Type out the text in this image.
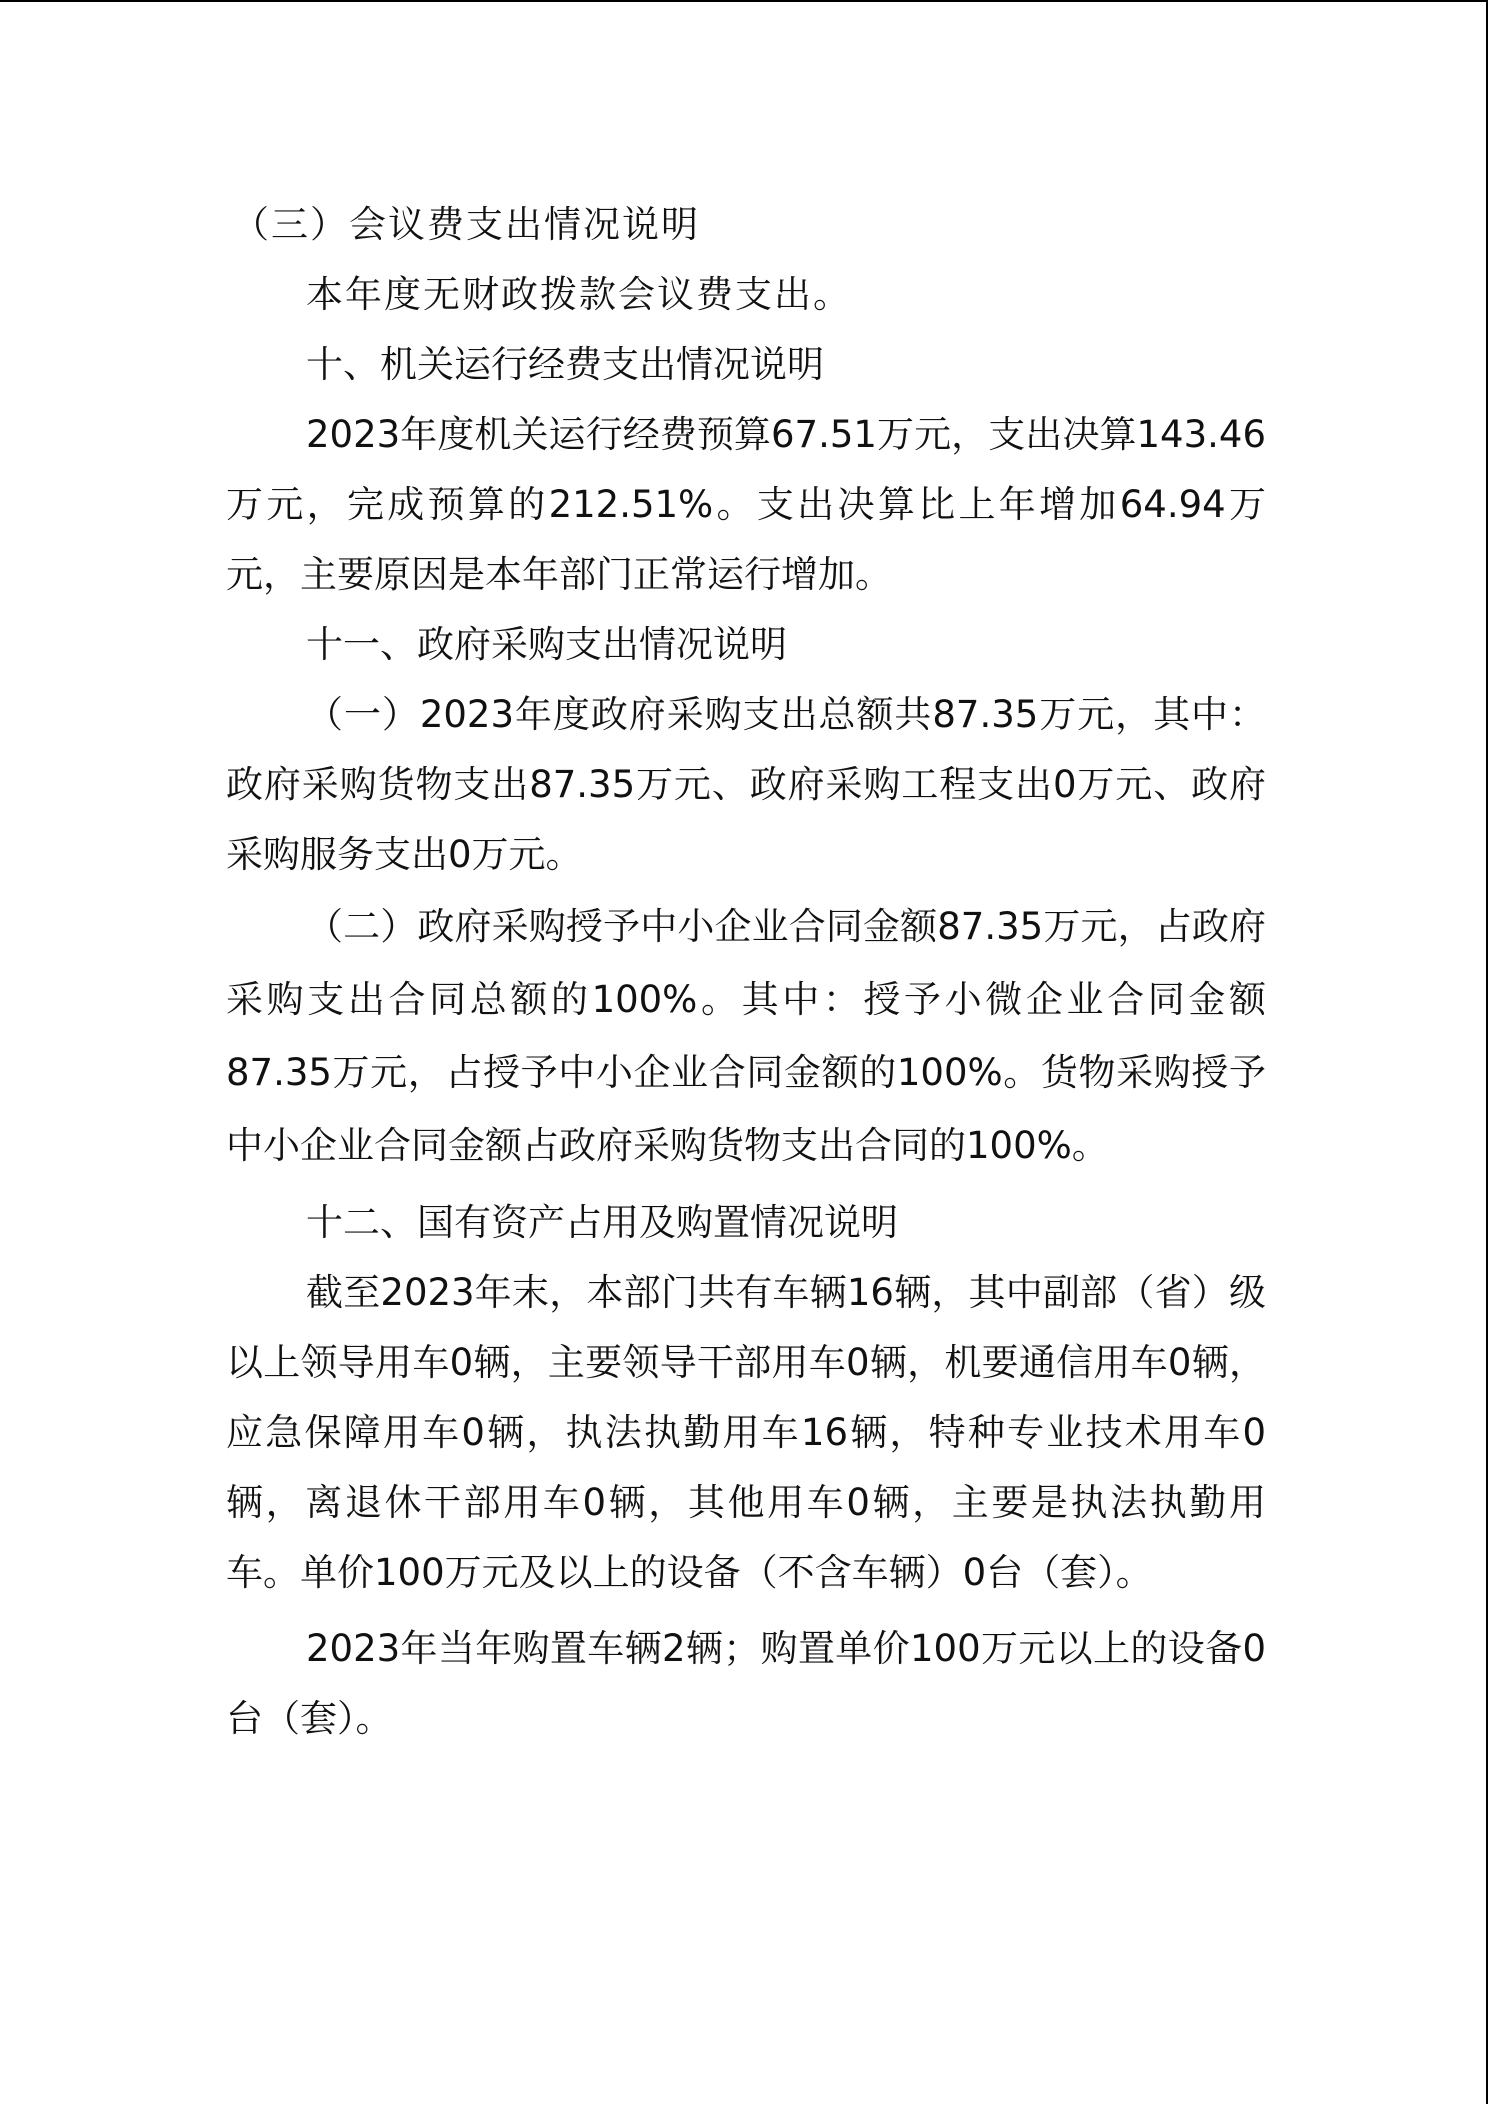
（三）会议费支出情况说明

本年度无财政拨款会议费支出。

十、机关运行经费支出情况说明

2023年度机关运行经费预算67.51万元，支出决算143.46万元，完成预算的212.51%。支出决算比上年增加64.94万元，主要原因是本年部门正常运行增加。

十一、政府采购支出情况说明

（一）2023年度政府采购支出总额共87.35万元，其中：政府采购货物支出87.35万元、政府采购工程支出0万元、政府采购服务支出0万元。

（二）政府采购授予中小企业合同金额87.35万元，占政府采购支出合同总额的100%。其中：授予小微企业合同金额87.35万元，占授予中小企业合同金额的100%。货物采购授予中小企业合同金额占政府采购货物支出合同的100%。

十二、国有资产占用及购置情况说明

截至2023年末，本部门共有车辆16辆，其中副部（省）级以上领导用车0辆，主要领导干部用车0辆，机要通信用车0辆，应急保障用车0辆，执法执勤用车16辆，特种专业技术用车0辆，离退休干部用车0辆，其他用车0辆，主要是执法执勤用车。单价100万元及以上的设备（不含车辆）0台（套）。

2023年当年购置车辆2辆；购置单价100万元以上的设备0台（套）。
